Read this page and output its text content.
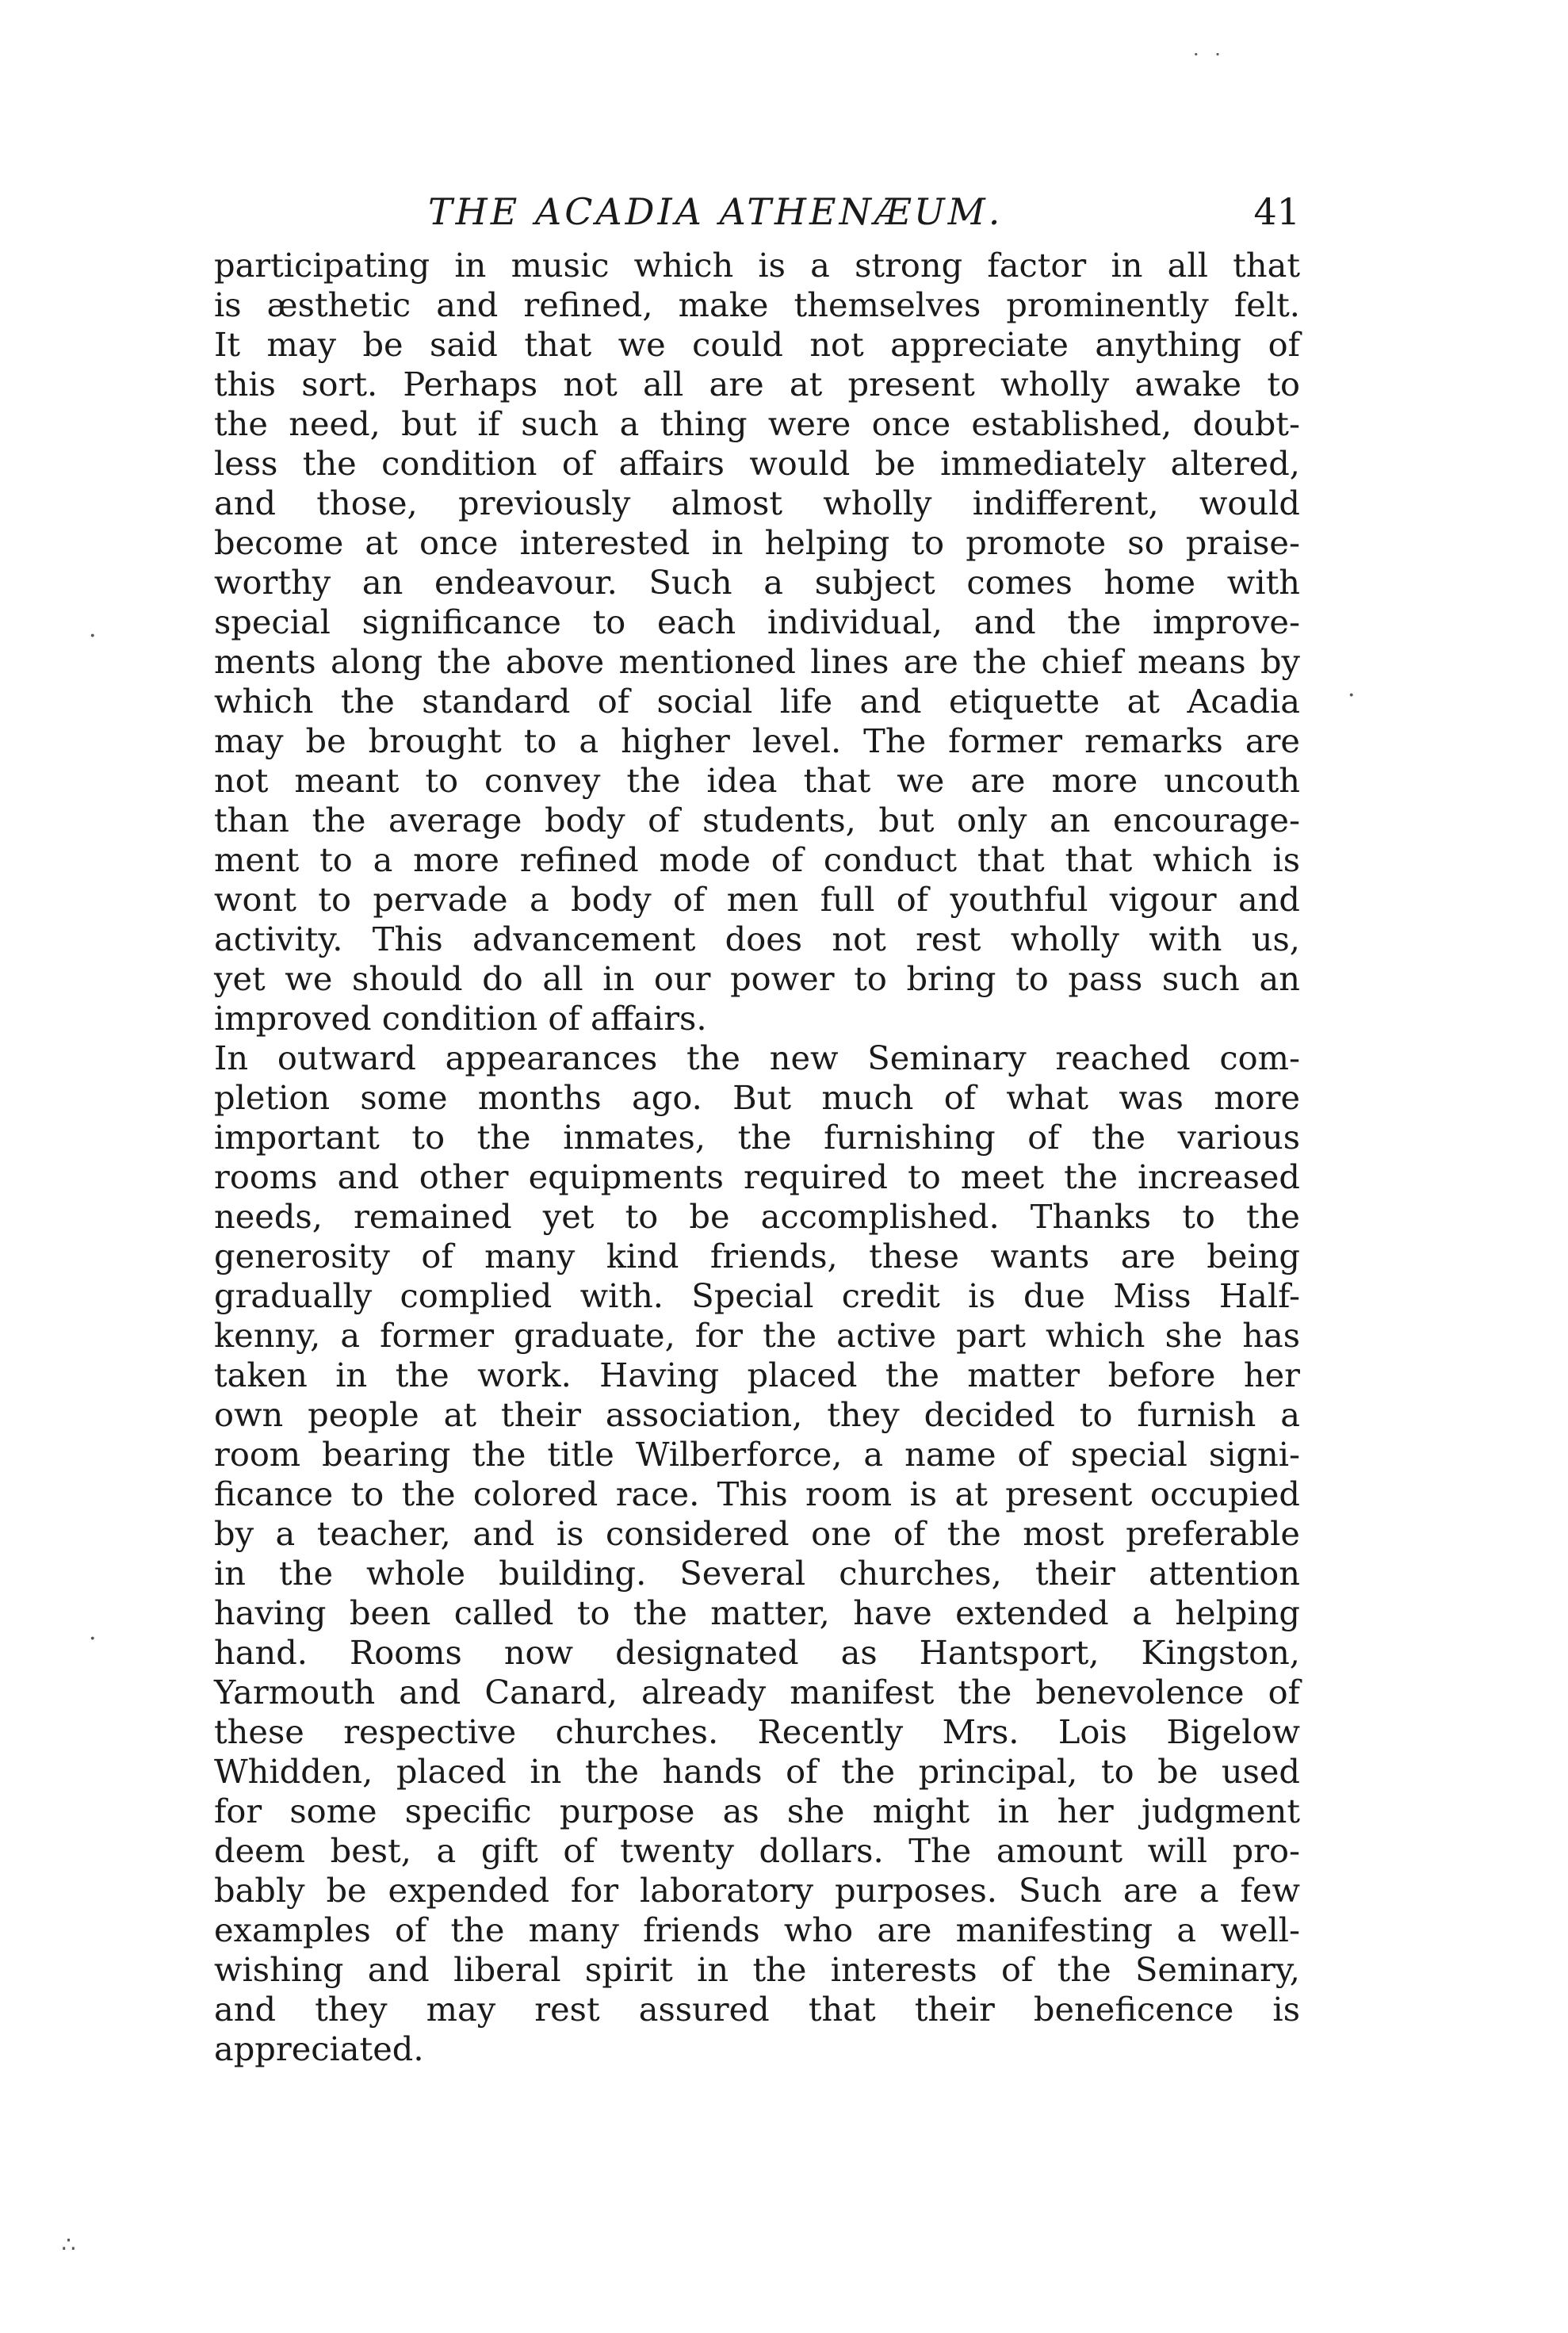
· ·
·
·
·
∴
THE ACADIA ATHENÆUM.	41
participating in music which is a strong factor in all that
is æsthetic and refined, make themselves prominently felt.
It may be said that we could not appreciate anything of
this sort. Perhaps not all are at present wholly awake to
the need, but if such a thing were once established, doubt-
less the condition of affairs would be immediately altered,
and those, previously almost wholly indifferent, would
become at once interested in helping to promote so praise-
worthy an endeavour. Such a subject comes home with
special significance to each individual, and the improve-
ments along the above mentioned lines are the chief means by
which the standard of social life and etiquette at Acadia
may be brought to a higher level. The former remarks are
not meant to convey the idea that we are more uncouth
than the average body of students, but only an encourage-
ment to a more refined mode of conduct that that which is
wont to pervade a body of men full of youthful vigour and
activity. This advancement does not rest wholly with us,
yet we should do all in our power to bring to pass such an
improved condition of affairs.
In outward appearances the new Seminary reached com-
pletion some months ago. But much of what was more
important to the inmates, the furnishing of the various
rooms and other equipments required to meet the increased
needs, remained yet to be accomplished. Thanks to the
generosity of many kind friends, these wants are being
gradually complied with. Special credit is due Miss Half-
kenny, a former graduate, for the active part which she has
taken in the work. Having placed the matter before her
own people at their association, they decided to furnish a
room bearing the title Wilberforce, a name of special signi-
ficance to the colored race. This room is at present occupied
by a teacher, and is considered one of the most preferable
in the whole building. Several churches, their attention
having been called to the matter, have extended a helping
hand. Rooms now designated as Hantsport, Kingston,
Yarmouth and Canard, already manifest the benevolence of
these respective churches. Recently Mrs. Lois Bigelow
Whidden, placed in the hands of the principal, to be used
for some specific purpose as she might in her judgment
deem best, a gift of twenty dollars. The amount will pro-
bably be expended for laboratory purposes. Such are a few
examples of the many friends who are manifesting a well-
wishing and liberal spirit in the interests of the Seminary,
and they may rest assured that their beneficence is
appreciated.
